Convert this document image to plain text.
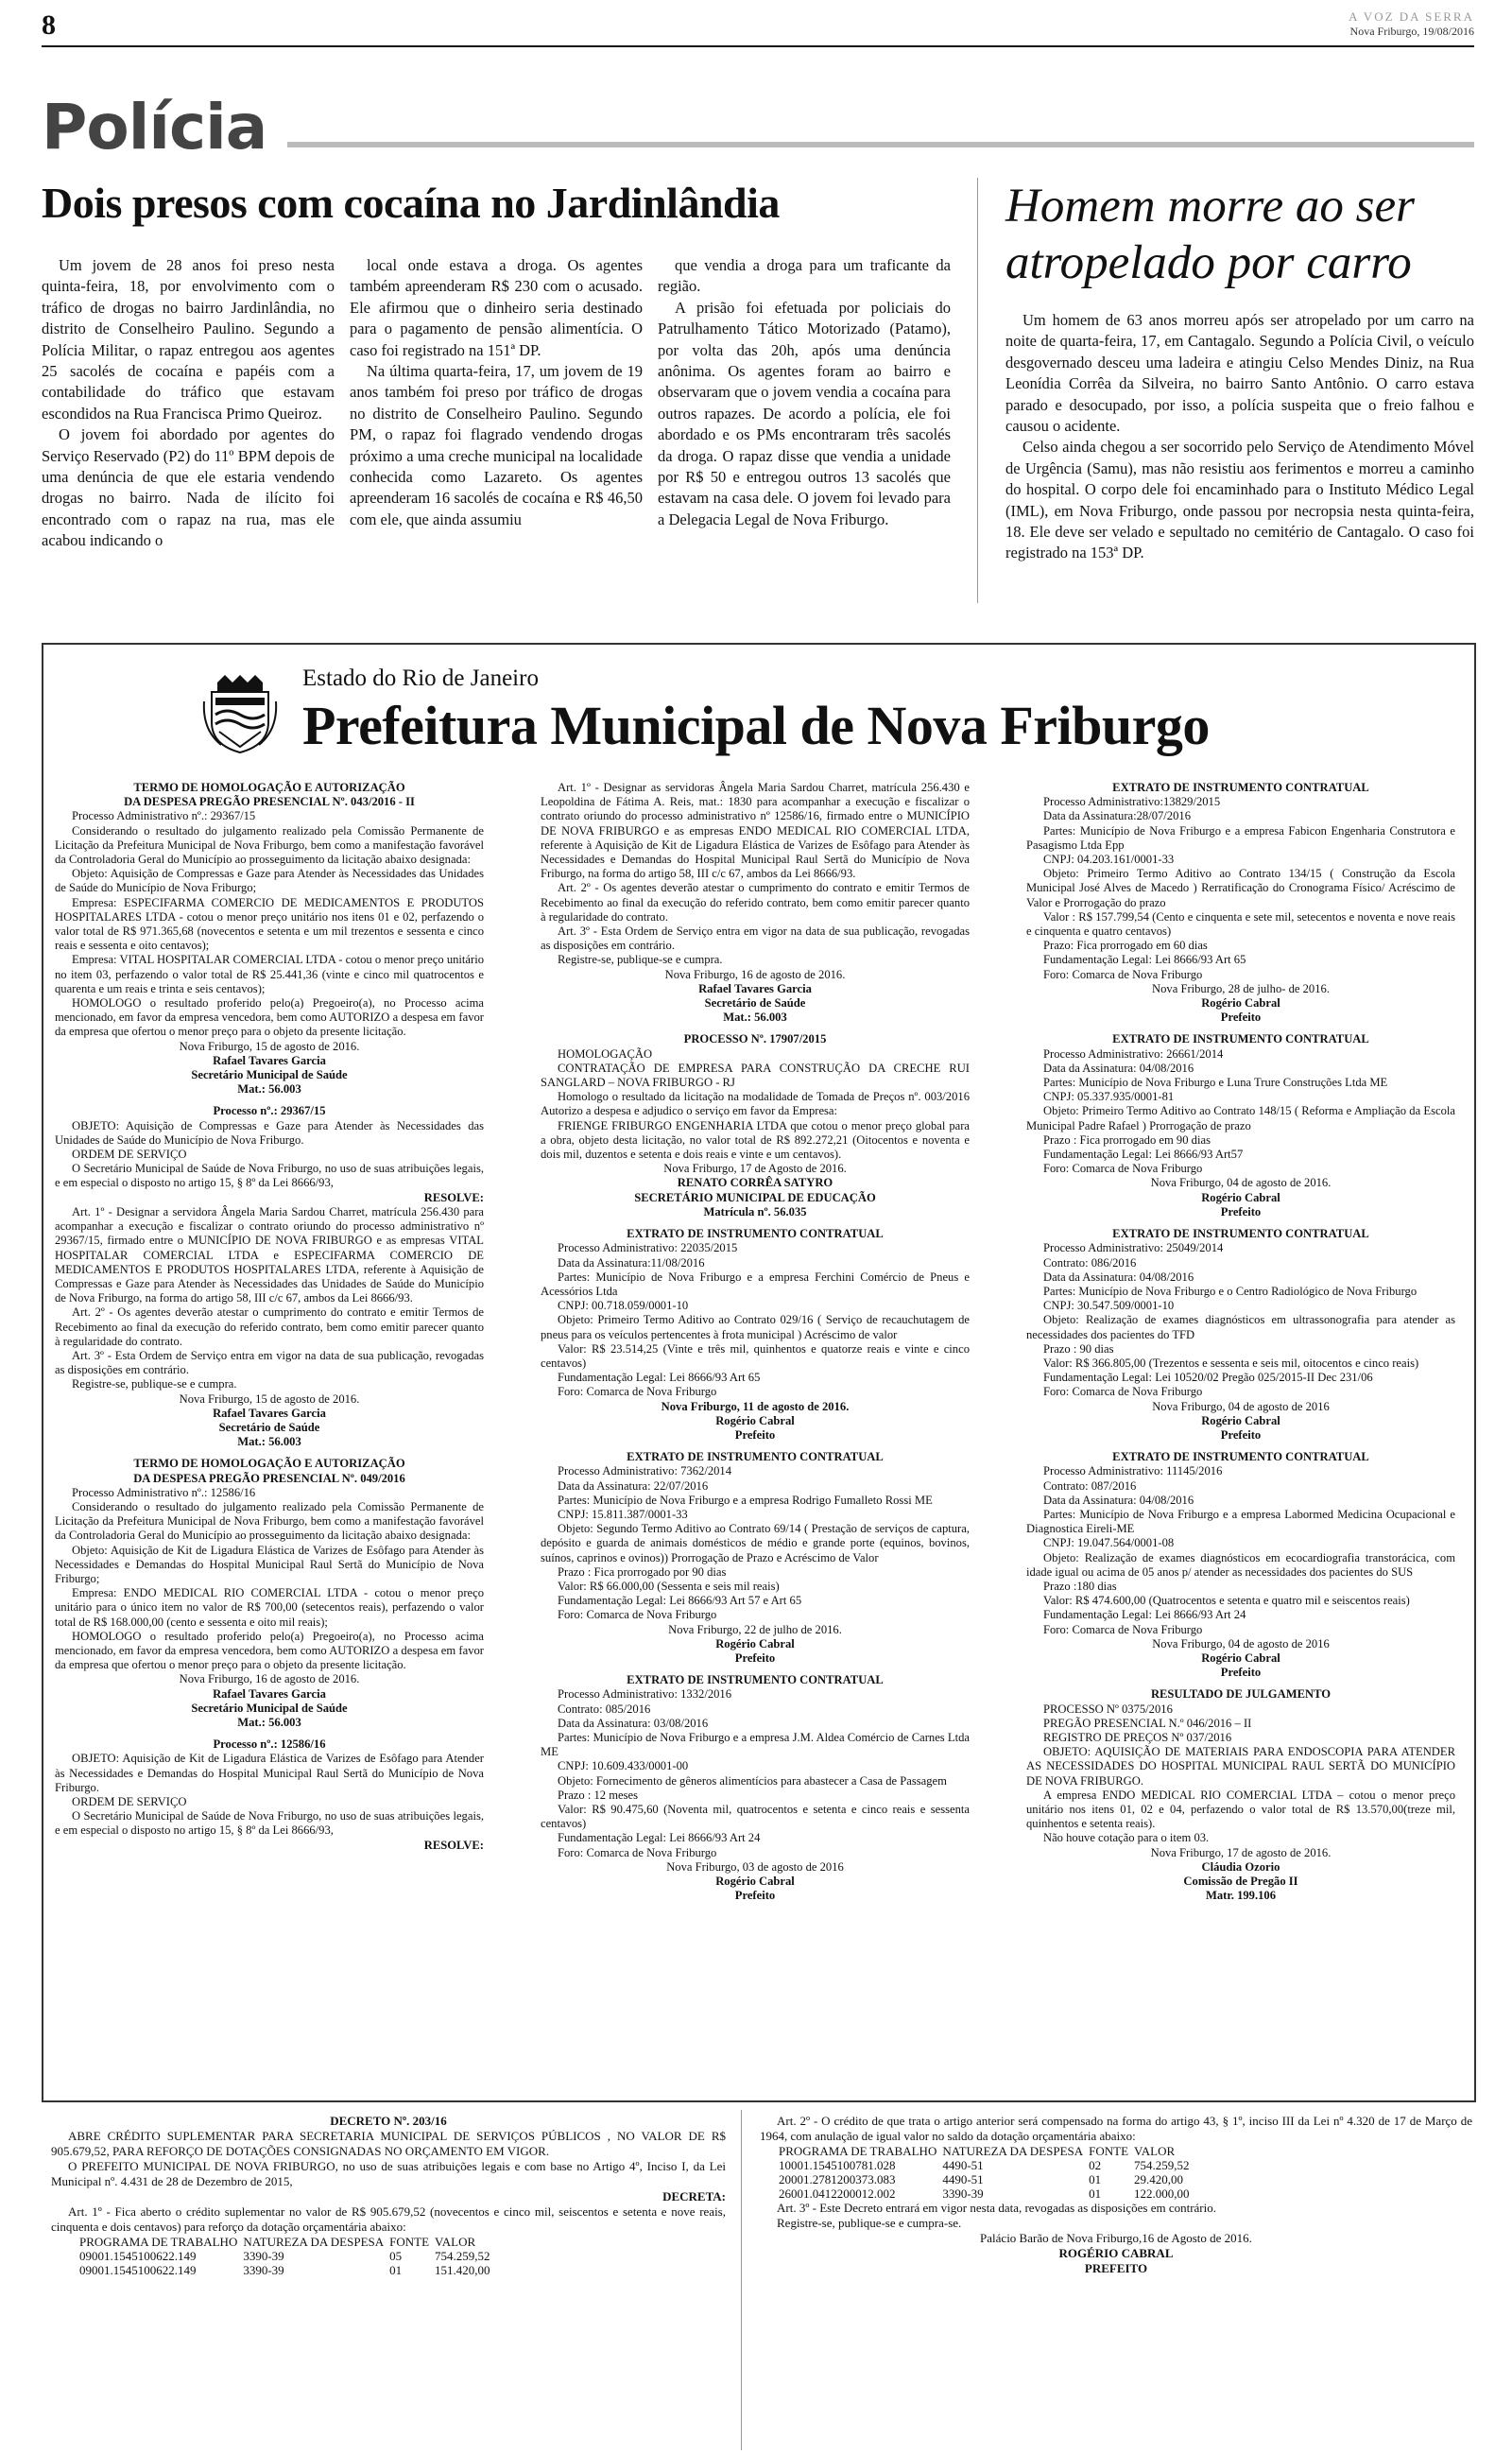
8	A VOZ DA SERRA
Nova Friburgo, 19/08/2016
Polícia
Dois presos com cocaína no Jardinlândia

Um jovem de 28 anos foi preso nesta quinta-feira, 18, por envolvimento com o tráfico de drogas no bairro Jardinlândia, no distrito de Conselheiro Paulino. Segundo a Polícia Militar, o rapaz entregou aos agentes 25 sacolés de cocaína e papéis com a contabilidade do tráfico que estavam escondidos na Rua Francisca Primo Queiroz.

O jovem foi abordado por agentes do Serviço Reservado (P2) do 11º BPM depois de uma denúncia de que ele estaria vendendo drogas no bairro. Nada de ilícito foi encontrado com o rapaz na rua, mas ele acabou indicando o

local onde estava a droga. Os agentes também apreenderam R$ 230 com o acusado. Ele afirmou que o dinheiro seria destinado para o pagamento de pensão alimentícia. O caso foi registrado na 151ª DP.

Na última quarta-feira, 17, um jovem de 19 anos também foi preso por tráfico de drogas no distrito de Conselheiro Paulino. Segundo PM, o rapaz foi flagrado vendendo drogas próximo a uma creche municipal na localidade conhecida como Lazareto. Os agentes apreenderam 16 sacolés de cocaína e R$ 46,50 com ele, que ainda assumiu

que vendia a droga para um traficante da região.

A prisão foi efetuada por policiais do Patrulhamento Tático Motorizado (Patamo), por volta das 20h, após uma denúncia anônima. Os agentes foram ao bairro e observaram que o jovem vendia a cocaína para outros rapazes. De acordo a polícia, ele foi abordado e os PMs encontraram três sacolés da droga. O rapaz disse que vendia a unidade por R$ 50 e entregou outros 13 sacolés que estavam na casa dele. O jovem foi levado para a Delegacia Legal de Nova Friburgo.

Homem morre ao ser
atropelado por carro

Um homem de 63 anos morreu após ser atropelado por um carro na noite de quarta-feira, 17, em Cantagalo. Segundo a Polícia Civil, o veículo desgovernado desceu uma ladeira e atingiu Celso Mendes Diniz, na Rua Leonídia Corrêa da Silveira, no bairro Santo Antônio. O carro estava parado e desocupado, por isso, a polícia suspeita que o freio falhou e causou o acidente.

Celso ainda chegou a ser socorrido pelo Serviço de Atendimento Móvel de Urgência (Samu), mas não resistiu aos ferimentos e morreu a caminho do hospital. O corpo dele foi encaminhado para o Instituto Médico Legal (IML), em Nova Friburgo, onde passou por necropsia nesta quinta-feira, 18. Ele deve ser velado e sepultado no cemitério de Cantagalo. O caso foi registrado na 153ª DP.

Estado do Rio de Janeiro
Prefeitura Municipal de Nova Friburgo
TERMO DE HOMOLOGAÇÃO E AUTORIZAÇÃO
DA DESPESA PREGÃO PRESENCIAL Nº. 043/2016 - II
Processo Administrativo nº.: 29367/15
Considerando o resultado do julgamento realizado pela Comissão Permanente de Licitação da Prefeitura Municipal de Nova Friburgo, bem como a manifestação favorável da Controladoria Geral do Município ao prosseguimento da licitação abaixo designada:
Objeto: Aquisição de Compressas e Gaze para Atender às Necessidades das Unidades de Saúde do Município de Nova Friburgo;
Empresa: ESPECIFARMA COMERCIO DE MEDICAMENTOS E PRODUTOS HOSPITALARES LTDA - cotou o menor preço unitário nos itens 01 e 02, perfazendo o valor total de R$ 971.365,68 (novecentos e setenta e um mil trezentos e sessenta e cinco reais e sessenta e oito centavos);
Empresa: VITAL HOSPITALAR COMERCIAL LTDA - cotou o menor preço unitário no item 03, perfazendo o valor total de R$ 25.441,36 (vinte e cinco mil quatrocentos e quarenta e um reais e trinta e seis centavos);
HOMOLOGO o resultado proferido pelo(a) Pregoeiro(a), no Processo acima mencionado, em favor da empresa vencedora, bem como AUTORIZO a despesa em favor da empresa que ofertou o menor preço para o objeto da presente licitação.
Nova Friburgo, 15 de agosto de 2016.
Rafael Tavares Garcia
Secretário Municipal de Saúde
Mat.: 56.003
Processo nº.: 29367/15
OBJETO: Aquisição de Compressas e Gaze para Atender às Necessidades das Unidades de Saúde do Município de Nova Friburgo.
ORDEM DE SERVIÇO
O Secretário Municipal de Saúde de Nova Friburgo, no uso de suas atribuições legais, e em especial o disposto no artigo 15, § 8º da Lei 8666/93,
RESOLVE:
Art. 1º - Designar a servidora Ângela Maria Sardou Charret, matrícula 256.430 para acompanhar a execução e fiscalizar o contrato oriundo do processo administrativo nº 29367/15, firmado entre o MUNICÍPIO DE NOVA FRIBURGO e as empresas VITAL HOSPITALAR COMERCIAL LTDA e ESPECIFARMA COMERCIO DE MEDICAMENTOS E PRODUTOS HOSPITALARES LTDA, referente à Aquisição de Compressas e Gaze para Atender às Necessidades das Unidades de Saúde do Município de Nova Friburgo, na forma do artigo 58, III c/c 67, ambos da Lei 8666/93.
Art. 2º - Os agentes deverão atestar o cumprimento do contrato e emitir Termos de Recebimento ao final da execução do referido contrato, bem como emitir parecer quanto à regularidade do contrato.
Art. 3º - Esta Ordem de Serviço entra em vigor na data de sua publicação, revogadas as disposições em contrário.
Registre-se, publique-se e cumpra.
Nova Friburgo, 15 de agosto de 2016.
Rafael Tavares Garcia
Secretário de Saúde
Mat.: 56.003
TERMO DE HOMOLOGAÇÃO E AUTORIZAÇÃO
DA DESPESA PREGÃO PRESENCIAL Nº. 049/2016
Processo Administrativo nº.: 12586/16
Considerando o resultado do julgamento realizado pela Comissão Permanente de Licitação da Prefeitura Municipal de Nova Friburgo, bem como a manifestação favorável da Controladoria Geral do Município ao prosseguimento da licitação abaixo designada:
Objeto: Aquisição de Kit de Ligadura Elástica de Varizes de Esôfago para Atender às Necessidades e Demandas do Hospital Municipal Raul Sertã do Município de Nova Friburgo;
Empresa: ENDO MEDICAL RIO COMERCIAL LTDA - cotou o menor preço unitário para o único item no valor de R$ 700,00 (setecentos reais), perfazendo o valor total de R$ 168.000,00 (cento e sessenta e oito mil reais);
HOMOLOGO o resultado proferido pelo(a) Pregoeiro(a), no Processo acima mencionado, em favor da empresa vencedora, bem como AUTORIZO a despesa em favor da empresa que ofertou o menor preço para o objeto da presente licitação.
Nova Friburgo, 16 de agosto de 2016.
Rafael Tavares Garcia
Secretário Municipal de Saúde
Mat.: 56.003
Processo nº.: 12586/16
OBJETO: Aquisição de Kit de Ligadura Elástica de Varizes de Esôfago para Atender às Necessidades e Demandas do Hospital Municipal Raul Sertã do Município de Nova Friburgo.
ORDEM DE SERVIÇO
O Secretário Municipal de Saúde de Nova Friburgo, no uso de suas atribuições legais, e em especial o disposto no artigo 15, § 8º da Lei 8666/93,
RESOLVE:
Art. 1º - Designar as servidoras Ângela Maria Sardou Charret, matrícula 256.430 e Leopoldina de Fátima A. Reis, mat.: 1830 para acompanhar a execução e fiscalizar o contrato oriundo do processo administrativo nº 12586/16, firmado entre o MUNICÍPIO DE NOVA FRIBURGO e as empresas ENDO MEDICAL RIO COMERCIAL LTDA, referente à Aquisição de Kit de Ligadura Elástica de Varizes de Esôfago para Atender às Necessidades e Demandas do Hospital Municipal Raul Sertã do Município de Nova Friburgo, na forma do artigo 58, III c/c 67, ambos da Lei 8666/93.
Art. 2º - Os agentes deverão atestar o cumprimento do contrato e emitir Termos de Recebimento ao final da execução do referido contrato, bem como emitir parecer quanto à regularidade do contrato.
Art. 3º - Esta Ordem de Serviço entra em vigor na data de sua publicação, revogadas as disposições em contrário.
Registre-se, publique-se e cumpra.
Nova Friburgo, 16 de agosto de 2016.
Rafael Tavares Garcia
Secretário de Saúde
Mat.: 56.003
PROCESSO Nº. 17907/2015
HOMOLOGAÇÃO
CONTRATAÇÃO DE EMPRESA PARA CONSTRUÇÃO DA CRECHE RUI SANGLARD – NOVA FRIBURGO - RJ
Homologo o resultado da licitação na modalidade de Tomada de Preços nº. 003/2016 Autorizo a despesa e adjudico o serviço em favor da Empresa:
FRIENGE FRIBURGO ENGENHARIA LTDA que cotou o menor preço global para a obra, objeto desta licitação, no valor total de R$ 892.272,21 (Oitocentos e noventa e dois mil, duzentos e setenta e dois reais e vinte e um centavos).
Nova Friburgo, 17 de Agosto de 2016.
RENATO CORRÊA SATYRO
SECRETÁRIO MUNICIPAL DE EDUCAÇÃO
Matrícula nº. 56.035
EXTRATO DE INSTRUMENTO CONTRATUAL
Processo Administrativo: 22035/2015
Data da Assinatura:11/08/2016
Partes: Município de Nova Friburgo e a empresa Ferchini Comércio de Pneus e Acessórios Ltda
CNPJ: 00.718.059/0001-10
Objeto: Primeiro Termo Aditivo ao Contrato 029/16 ( Serviço de recauchutagem de pneus para os veículos pertencentes à frota municipal ) Acréscimo de valor
Valor: R$ 23.514,25 (Vinte e três mil, quinhentos e quatorze reais e vinte e cinco centavos)
Fundamentação Legal: Lei 8666/93 Art 65
Foro: Comarca de Nova Friburgo
Nova Friburgo, 11 de agosto de 2016.
Rogério Cabral
Prefeito
EXTRATO DE INSTRUMENTO CONTRATUAL
Processo Administrativo: 7362/2014
Data da Assinatura: 22/07/2016
Partes: Município de Nova Friburgo e a empresa Rodrigo Fumalleto Rossi ME
CNPJ: 15.811.387/0001-33
Objeto: Segundo Termo Aditivo ao Contrato 69/14 ( Prestação de serviços de captura, depósito e guarda de animais domésticos de médio e grande porte (equinos, bovinos, suínos, caprinos e ovinos)) Prorrogação de Prazo e Acréscimo de Valor
Prazo : Fica prorrogado por 90 dias
Valor: R$ 66.000,00 (Sessenta e seis mil reais)
Fundamentação Legal: Lei 8666/93 Art 57 e Art 65
Foro: Comarca de Nova Friburgo
Nova Friburgo, 22 de julho de 2016.
Rogério Cabral
Prefeito
EXTRATO DE INSTRUMENTO CONTRATUAL
Processo Administrativo: 1332/2016
Contrato: 085/2016
Data da Assinatura: 03/08/2016
Partes: Município de Nova Friburgo e a empresa J.M. Aldea Comércio de Carnes Ltda ME
CNPJ: 10.609.433/0001-00
Objeto: Fornecimento de gêneros alimentícios para abastecer a Casa de Passagem
Prazo : 12 meses
Valor: R$ 90.475,60 (Noventa mil, quatrocentos e setenta e cinco reais e sessenta centavos)
Fundamentação Legal: Lei 8666/93 Art 24
Foro: Comarca de Nova Friburgo
Nova Friburgo, 03 de agosto de 2016
Rogério Cabral
Prefeito
EXTRATO DE INSTRUMENTO CONTRATUAL
Processo Administrativo:13829/2015
Data da Assinatura:28/07/2016
Partes: Município de Nova Friburgo e a empresa Fabicon Engenharia Construtora e Pasagismo Ltda Epp
CNPJ: 04.203.161/0001-33
Objeto: Primeiro Termo Aditivo ao Contrato 134/15 ( Construção da Escola Municipal José Alves de Macedo ) Rerratificação do Cronograma Físico/ Acréscimo de Valor e Prorrogação do prazo
Valor : R$ 157.799,54 (Cento e cinquenta e sete mil, setecentos e noventa e nove reais e cinquenta e quatro centavos)
Prazo: Fica prorrogado em 60 dias
Fundamentação Legal: Lei 8666/93 Art 65
Foro: Comarca de Nova Friburgo
Nova Friburgo, 28 de julho- de 2016.
Rogério Cabral
Prefeito
EXTRATO DE INSTRUMENTO CONTRATUAL
Processo Administrativo: 26661/2014
Data da Assinatura: 04/08/2016
Partes: Município de Nova Friburgo e Luna Trure Construções Ltda ME
CNPJ: 05.337.935/0001-81
Objeto: Primeiro Termo Aditivo ao Contrato 148/15 ( Reforma e Ampliação da Escola Municipal Padre Rafael ) Prorrogação de prazo
Prazo : Fica prorrogado em 90 dias
Fundamentação Legal: Lei 8666/93 Art57
Foro: Comarca de Nova Friburgo
Nova Friburgo, 04 de agosto de 2016.
Rogério Cabral
Prefeito
EXTRATO DE INSTRUMENTO CONTRATUAL
Processo Administrativo: 25049/2014
Contrato: 086/2016
Data da Assinatura: 04/08/2016
Partes: Município de Nova Friburgo e o Centro Radiológico de Nova Friburgo
CNPJ: 30.547.509/0001-10
Objeto: Realização de exames diagnósticos em ultrassonografia para atender as necessidades dos pacientes do TFD
Prazo : 90 dias
Valor: R$ 366.805,00 (Trezentos e sessenta e seis mil, oitocentos e cinco reais)
Fundamentação Legal: Lei 10520/02 Pregão 025/2015-II Dec 231/06
Foro: Comarca de Nova Friburgo
Nova Friburgo, 04 de agosto de 2016
Rogério Cabral
Prefeito
EXTRATO DE INSTRUMENTO CONTRATUAL
Processo Administrativo: 11145/2016
Contrato: 087/2016
Data da Assinatura: 04/08/2016
Partes: Município de Nova Friburgo e a empresa Labormed Medicina Ocupacional e Diagnostica Eireli-ME
CNPJ: 19.047.564/0001-08
Objeto: Realização de exames diagnósticos em ecocardiografia transtorácica, com idade igual ou acima de 05 anos p/ atender as necessidades dos pacientes do SUS
Prazo :180 dias
Valor: R$ 474.600,00 (Quatrocentos e setenta e quatro mil e seiscentos reais)
Fundamentação Legal: Lei 8666/93 Art 24
Foro: Comarca de Nova Friburgo
Nova Friburgo, 04 de agosto de 2016
Rogério Cabral
Prefeito
RESULTADO DE JULGAMENTO
PROCESSO Nº 0375/2016
PREGÃO PRESENCIAL N.º 046/2016 – II
REGISTRO DE PREÇOS Nº 037/2016
OBJETO: AQUISIÇÃO DE MATERIAIS PARA ENDOSCOPIA PARA ATENDER AS NECESSIDADES DO HOSPITAL MUNICIPAL RAUL SERTÃ DO MUNICÍPIO DE NOVA FRIBURGO.
A empresa ENDO MEDICAL RIO COMERCIAL LTDA – cotou o menor preço unitário nos itens 01, 02 e 04, perfazendo o valor total de R$ 13.570,00(treze mil, quinhentos e setenta reais).
Não houve cotação para o item 03.
Nova Friburgo, 17 de agosto de 2016.
Cláudia Ozorio
Comissão de Pregão II
Matr. 199.106
DECRETO Nº. 203/16
ABRE CRÉDITO SUPLEMENTAR PARA SECRETARIA MUNICIPAL DE SERVIÇOS PÚBLICOS , NO VALOR DE R$ 905.679,52, PARA REFORÇO DE DOTAÇÕES CONSIGNADAS NO ORÇAMENTO EM VIGOR.
O PREFEITO MUNICIPAL DE NOVA FRIBURGO, no uso de suas atribuições legais e com base no Artigo 4º, Inciso I, da Lei Municipal nº. 4.431 de 28 de Dezembro de 2015,
DECRETA:
Art. 1º - Fica aberto o crédito suplementar no valor de R$ 905.679,52 (novecentos e cinco mil, seiscentos e setenta e nove reais, cinquenta e dois centavos) para reforço da dotação orçamentária abaixo:
PROGRAMA DE TRABALHO	NATUREZA DA DESPESA	FONTE	VALOR
09001.1545100622.149	3390-39	05	754.259,52
09001.1545100622.149	3390-39	01	151.420,00
Art. 2º - O crédito de que trata o artigo anterior será compensado na forma do artigo 43, § 1º, inciso III da Lei nº 4.320 de 17 de Março de 1964, com anulação de igual valor no saldo da dotação orçamentária abaixo:
PROGRAMA DE TRABALHO	NATUREZA DA DESPESA	FONTE	VALOR
10001.1545100781.028	4490-51	02	754.259,52
20001.2781200373.083	4490-51	01	29.420,00
26001.0412200012.002	3390-39	01	122.000,00
Art. 3º - Este Decreto entrará em vigor nesta data, revogadas as disposições em contrário.
Registre-se, publique-se e cumpra-se.
Palácio Barão de Nova Friburgo,16 de Agosto de 2016.
ROGÉRIO CABRAL
PREFEITO
